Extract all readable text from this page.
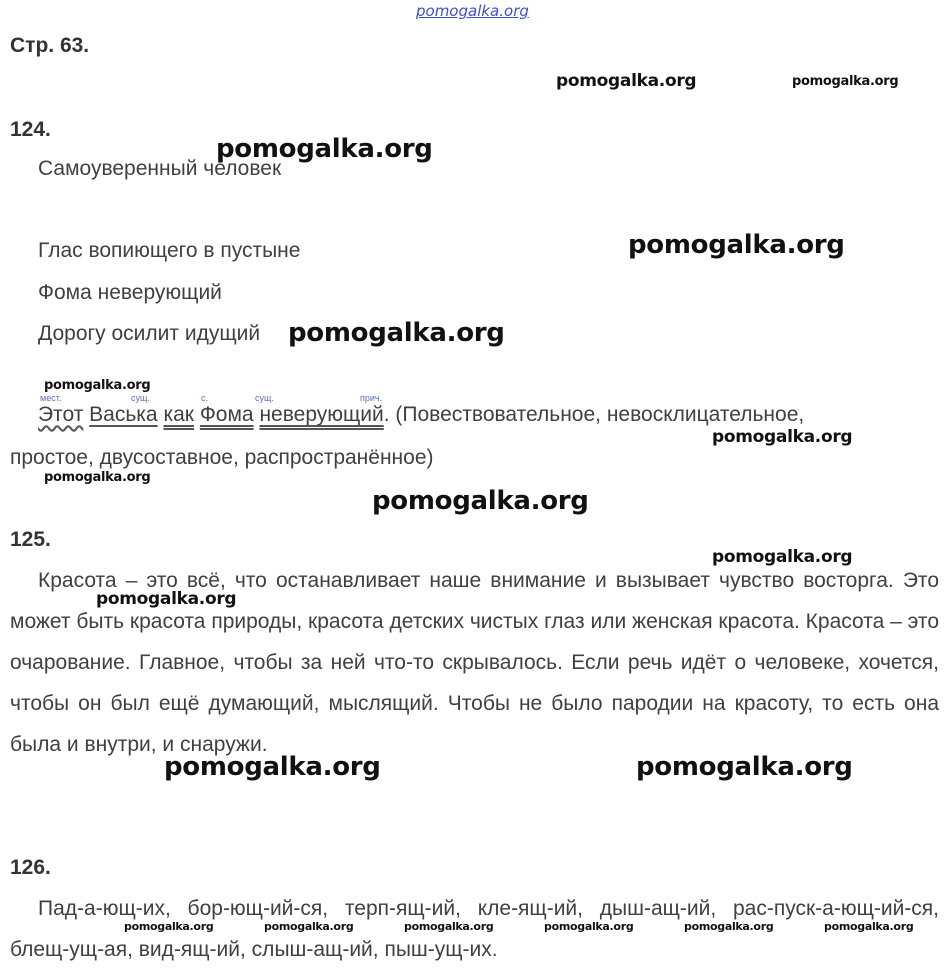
pomogalka.org
Стр. 63.
124.
Самоуверенный человек
Глас вопиющего в пустыне
Фома неверующий
Дорогу осилит идущий
мест.	сущ.	с.	сущ.	прич.
Этот Васька как Фома неверующий. (Повествовательное, невосклицательное,
простое, двусоставное, распространённое)
125.
Красота – это всё, что останавливает наше внимание и вызывает чувство восторга. Это может быть красота природы, красота детских чистых глаз или женская красота. Красота – это очарование. Главное, чтобы за ней что-то скрывалось. Если речь идёт о человеке, хочется, чтобы он был ещё думающий, мыслящий. Чтобы не было пародии на красоту, то есть она была и внутри, и снаружи.
126.
Пад-а-ющ-их, бор-ющ-ий-ся, терп-ящ-ий, кле-ящ-ий, дыш-ащ-ий, рас-пуск-а-ющ-ий-ся, блещ-ущ-ая, вид-ящ-ий, слыш-ащ-ий, пыш-ущ-их.
pomogalka.org	pomogalka.org
pomogalka.org
pomogalka.org
pomogalka.org
pomogalka.org
pomogalka.org
pomogalka.org
pomogalka.org
pomogalka.org
pomogalka.org
pomogalka.org	pomogalka.org
pomogalka.org	pomogalka.org	pomogalka.org	pomogalka.org	pomogalka.org	pomogalka.org
